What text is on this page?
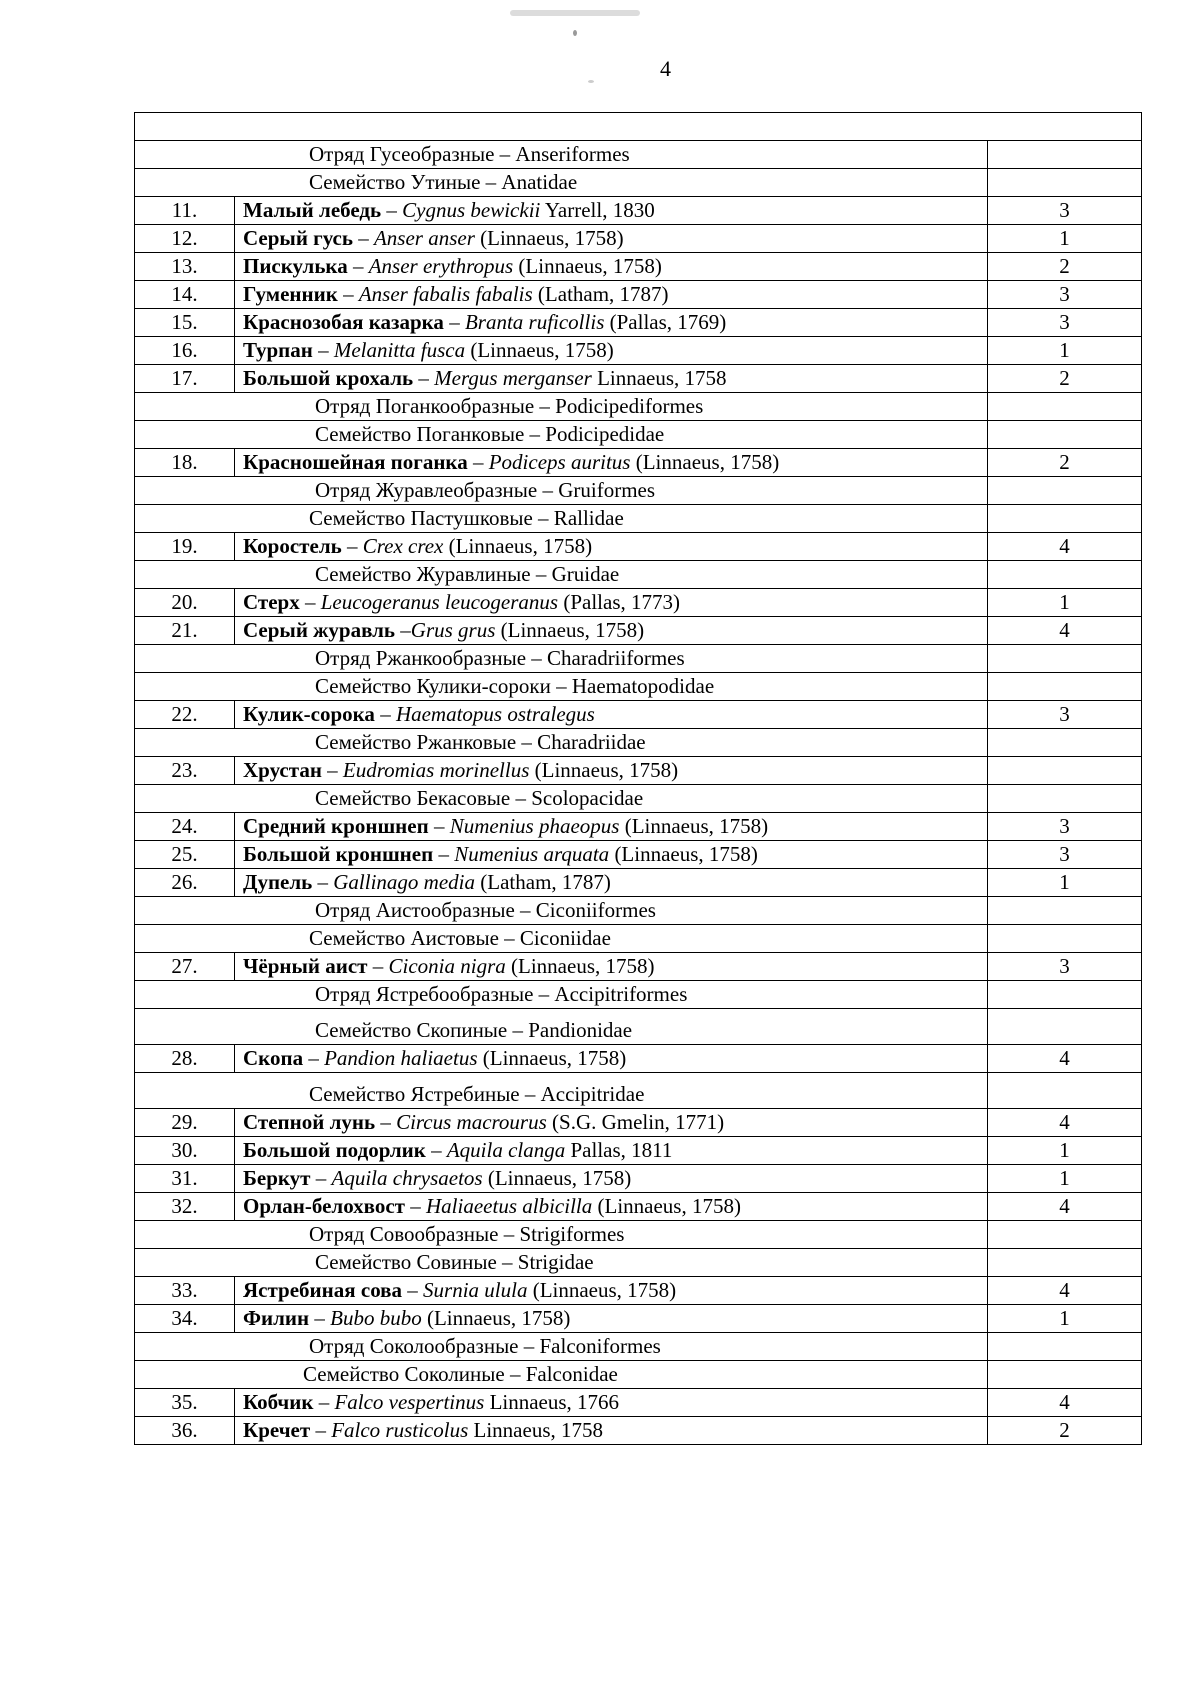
4

Отряд Гусеобразные – Anseriformes		
Семейство Утиные – Anatidae		
11.	Малый лебедь – Cygnus bewickii Yarrell, 1830	3
12.	Серый гусь – Anser anser (Linnaeus, 1758)	1
13.	Пискулька – Anser erythropus (Linnaeus, 1758)	2
14.	Гуменник – Anser fabalis fabalis (Latham, 1787)	3
15.	Краснозобая казарка – Branta ruficollis (Pallas, 1769)	3
16.	Турпан – Melanitta fusca (Linnaeus, 1758)	1
17.	Большой крохаль – Mergus merganser Linnaeus, 1758	2
Отряд Поганкообразные – Podicipediformes		
Семейство Поганковые – Podicipedidae		
18.	Красношейная поганка – Podiceps auritus (Linnaeus, 1758)	2
Отряд Журавлеобразные – Gruiformes		
Семейство Пастушковые – Rallidae		
19.	Коростель – Crex crex (Linnaeus, 1758)	4
Семейство Журавлиные – Gruidae		
20.	Стерх – Leucogeranus leucogeranus (Pallas, 1773)	1
21.	Серый журавль –Grus grus (Linnaeus, 1758)	4
Отряд Ржанкообразные – Charadriiformes		
Семейство Кулики-сороки – Haematopodidae		
22.	Кулик-сорока – Haematopus ostralegus	3
Семейство Ржанковые – Charadriidae		
23.	Хрустан – Eudromias morinellus (Linnaeus, 1758)	
Семейство Бекасовые – Scolopacidae		
24.	Средний кроншнеп – Numenius phaeopus (Linnaeus, 1758)	3
25.	Большой кроншнеп – Numenius arquata (Linnaeus, 1758)	3
26.	Дупель – Gallinago media (Latham, 1787)	1
Отряд Аистообразные – Ciconiiformes		
Семейство Аистовые – Ciconiidae		
27.	Чёрный аист – Ciconia nigra (Linnaeus, 1758)	3
Отряд Ястребообразные – Accipitriformes		
Семейство Скопиные – Pandionidae		
28.	Скопа – Pandion haliaetus (Linnaeus, 1758)	4
Семейство Ястребиные – Accipitridae		
29.	Степной лунь – Circus macrourus (S.G. Gmelin, 1771)	4
30.	Большой подорлик – Aquila clanga Pallas, 1811	1
31.	Беркут – Aquila chrysaetos (Linnaeus, 1758)	1
32.	Орлан-белохвост – Haliaeetus albicilla (Linnaeus, 1758)	4
Отряд Совообразные – Strigiformes		
Семейство Совиные – Strigidae		
33.	Ястребиная сова – Surnia ulula (Linnaeus, 1758)	4
34.	Филин – Bubo bubo (Linnaeus, 1758)	1
Отряд Соколообразные – Falconiformes		
Семейство Соколиные – Falconidae		
35.	Кобчик – Falco vespertinus Linnaeus, 1766	4
36.	Кречет – Falco rusticolus Linnaeus, 1758	2
